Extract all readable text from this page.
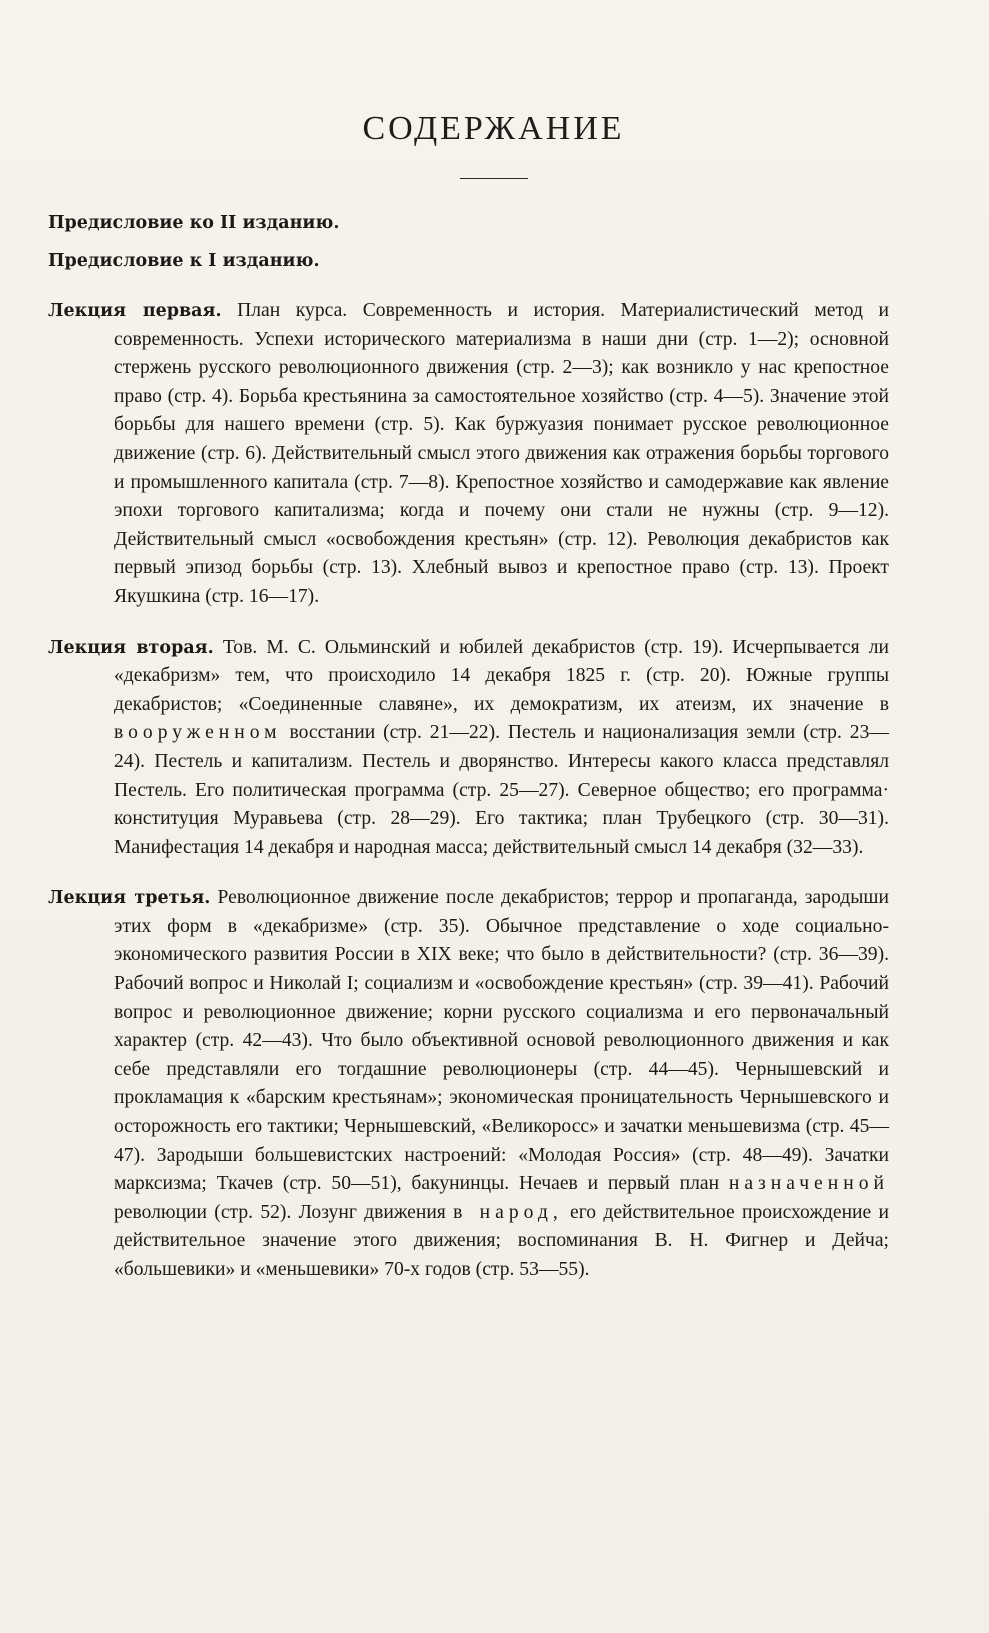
СОДЕРЖАНИЕ

Предисловие ко II изданию.

Предисловие к I изданию.

Лекция первая. План курса. Современность и история. Материалистический метод и современность. Успехи исторического материализма в наши дни (стр. 1—2); основной стержень русского революционного движения (стр. 2—3); как возникло у нас крепостное право (стр. 4). Борьба крестьянина за самостоятельное хозяйство (стр. 4—5). Значение этой борьбы для нашего времени (стр. 5). Как буржуазия понимает русское революционное движение (стр. 6). Действительный смысл этого движения как отражения борьбы торгового и промышленного капитала (стр. 7—8). Крепостное хозяйство и самодержавие как явление эпохи торгового капитализма; когда и почему они стали не нужны (стр. 9—12). Действительный смысл «освобождения крестьян» (стр. 12). Революция декабристов как первый эпизод борьбы (стр. 13). Хлебный вывоз и крепостное право (стр. 13). Проект Якушкина (стр. 16—17).

Лекция вторая. Тов. М. С. Ольминский и юбилей декабристов (стр. 19). Исчерпывается ли «декабризм» тем, что происходило 14 декабря 1825 г. (стр. 20). Южные группы декабристов; «Соединенные славяне», их демократизм, их атеизм, их значение в вооруженном восстании (стр. 21—22). Пестель и национализация земли (стр. 23—24). Пестель и капитализм. Пестель и дворянство. Интересы какого класса представлял Пестель. Его политическая программа (стр. 25—27). Северное общество; его программа· конституция Муравьева (стр. 28—29). Его тактика; план Трубецкого (стр. 30—31). Манифестация 14 декабря и народная масса; действительный смысл 14 декабря (32—33).

Лекция третья. Революционное движение после декабристов; террор и пропаганда, зародыши этих форм в «декабризме» (стр. 35). Обычное представление о ходе социально-экономического развития России в XIX веке; что было в действительности? (стр. 36—39). Рабочий вопрос и Николай I; социализм и «освобождение крестьян» (стр. 39—41). Рабочий вопрос и революционное движение; корни русского социализма и его первоначальный характер (стр. 42—43). Что было объективной основой революционного движения и как себе представляли его тогдашние революционеры (стр. 44—45). Чернышевский и прокламация к «барским крестьянам»; экономическая проницательность Чернышевского и осторожность его тактики; Чернышевский, «Великоросс» и зачатки меньшевизма (стр. 45—47). Зародыши большевистских настроений: «Молодая Россия» (стр. 48—49). Зачатки марксизма; Ткачев (стр. 50—51), бакунинцы. Нечаев и первый план назначенной революции (стр. 52). Лозунг движения в народ, его действительное происхождение и действительное значение этого движения; воспоминания В. Н. Фигнер и Дейча; «большевики» и «меньшевики» 70-х годов (стр. 53—55).
